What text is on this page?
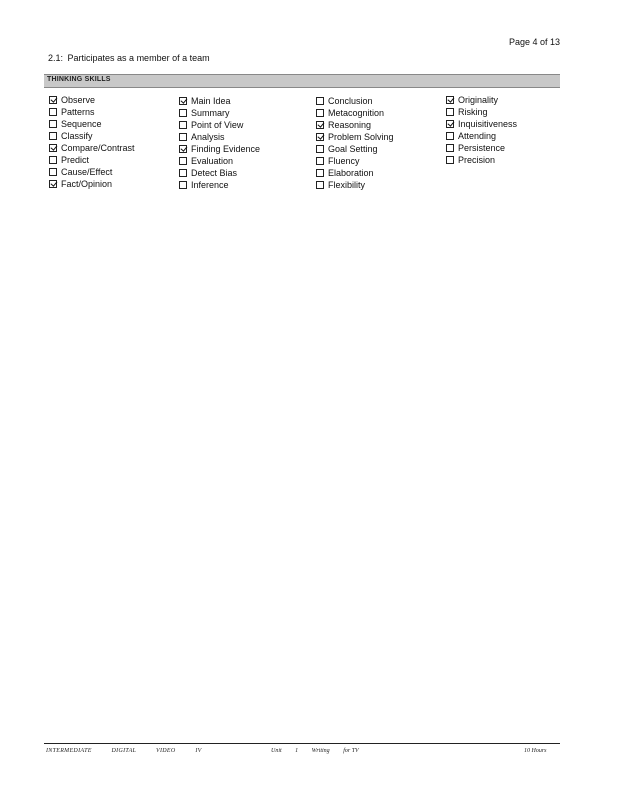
Page 4 of 13
2.1: Participates as a member of a team
THINKING SKILLS
Observe
Patterns
Sequence
Classify
Compare/Contrast
Predict
Cause/Effect
Fact/Opinion
Main Idea
Summary
Point of View
Analysis
Finding Evidence
Evaluation
Detect Bias
Inference
Conclusion
Metacognition
Reasoning
Problem Solving
Goal Setting
Fluency
Elaboration
Flexibility
Originality
Risking
Inquisitiveness
Attending
Persistence
Precision
INTERMEDIATE	DIGITAL	VIDEO	IV	Unit 1 Writing for TV	10 Hours
